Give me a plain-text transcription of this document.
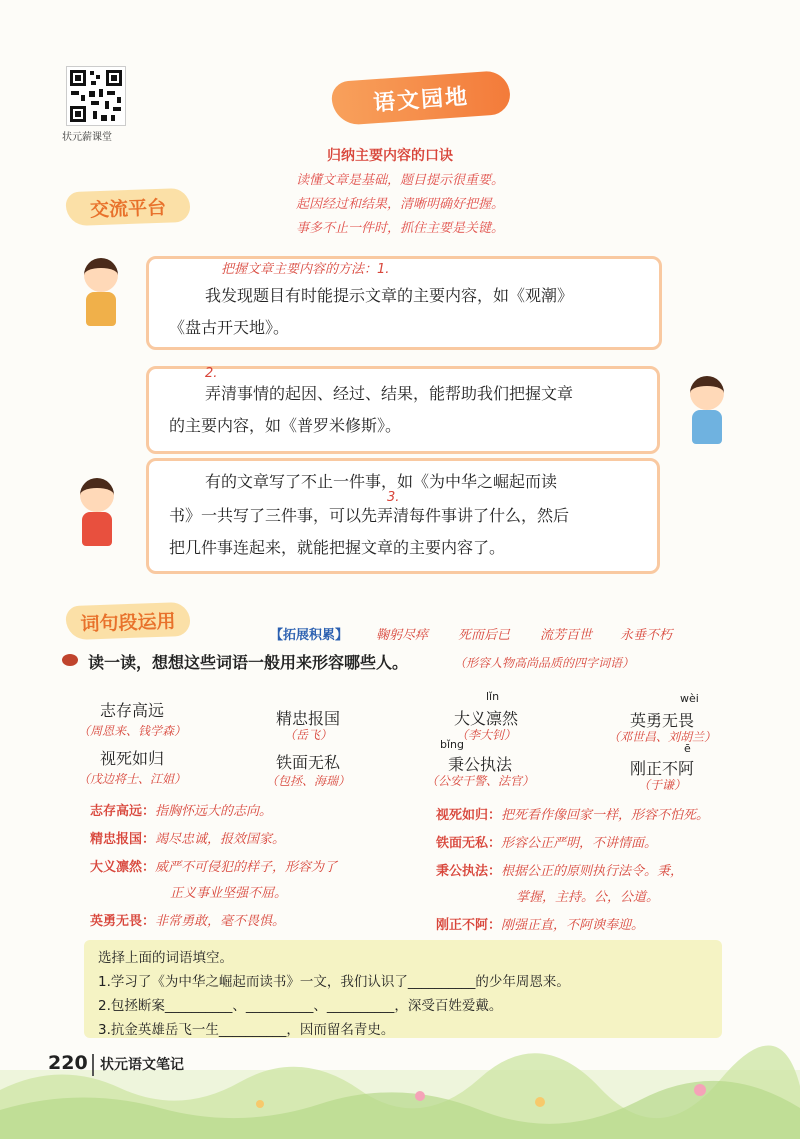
状元薪课堂
语文园地
归纳主要内容的口诀
读懂文章是基础，题目提示很重要。
起因经过和结果，清晰明确好把握。
事多不止一件时，抓住主要是关键。
交流平台
把握文章主要内容的方法：1.

我发现题目有时能提示文章的主要内容，如《观潮》

《盘古开天地》。

2.

弄清事情的起因、经过、结果，能帮助我们把握文章

的主要内容，如《普罗米修斯》。

3.

有的文章写了不止一件事，如《为中华之崛起而读

书》一共写了三件事，可以先弄清每件事讲了什么，然后

把几件事连起来，就能把握文章的主要内容了。

词句段运用
【拓展积累】 鞠躬尽瘁 死而后已 流芳百世 永垂不朽
读一读，想想这些词语一般用来形容哪些人。	（形容人物高尚品质的四字词语）
志存高远
（周恩来、钱学森）
精忠报国
（岳飞）
lǐn
大义凛然
（李大钊）
wèi
英勇无畏
（邓世昌、刘胡兰）
视死如归
（戊边将士、江姐）
铁面无私
（包拯、海瑞）
bǐng
秉公执法
（公安干警、法官）
ē
刚正不阿
（于谦）
志存高远：指胸怀远大的志向。
精忠报国：竭尽忠诚，报效国家。
大义凛然：威严不可侵犯的样子，形容为了
正义事业坚强不屈。
英勇无畏：非常勇敢，毫不畏惧。
视死如归：把死看作像回家一样，形容不怕死。
铁面无私：形容公正严明，不讲情面。
秉公执法：根据公正的原则执行法令。秉，
掌握，主持。公，公道。
刚正不阿：刚强正直，不阿谀奉迎。
选择上面的词语填空。
1.学习了《为中华之崛起而读书》一文，我们认识了__________的少年周恩来。
2.包拯断案__________、__________、__________，深受百姓爱戴。
3.抗金英雄岳飞一生__________，因而留名青史。
220 状元语文笔记
